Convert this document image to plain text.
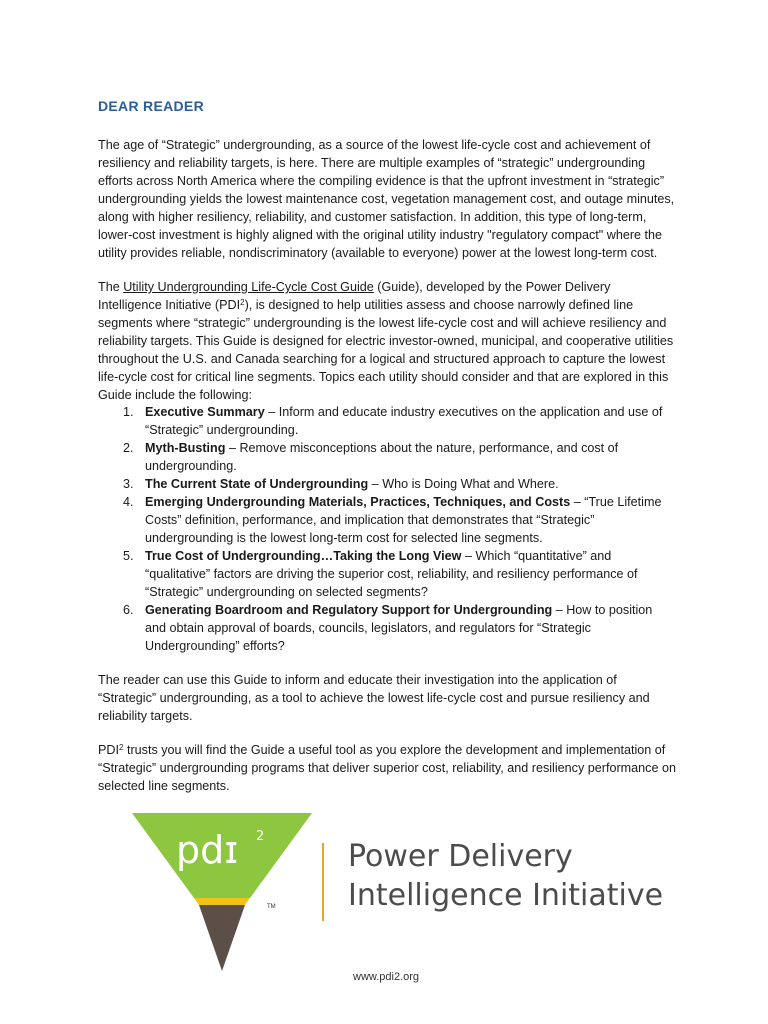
DEAR READER

The age of “Strategic” undergrounding, as a source of the lowest life-cycle cost and achievement of resiliency and reliability targets, is here. There are multiple examples of “strategic” undergrounding efforts across North America where the compiling evidence is that the upfront investment in “strategic” undergrounding yields the lowest maintenance cost, vegetation management cost, and outage minutes, along with higher resiliency, reliability, and customer satisfaction. In addition, this type of long-term, lower-cost investment is highly aligned with the original utility industry "regulatory compact" where the utility provides reliable, nondiscriminatory (available to everyone) power at the lowest long-term cost.

The Utility Undergrounding Life-Cycle Cost Guide (Guide), developed by the Power Delivery Intelligence Initiative (PDI$^2$), is designed to help utilities assess and choose narrowly defined line segments where “strategic” undergrounding is the lowest life-cycle cost and will achieve resiliency and reliability targets. This Guide is designed for electric investor-owned, municipal, and cooperative utilities throughout the U.S. and Canada searching for a logical and structured approach to capture the lowest life-cycle cost for critical line segments. Topics each utility should consider and that are explored in this Guide include the following:

1. Executive Summary – Inform and educate industry executives on the application and use of “Strategic” undergrounding.
2. Myth-Busting – Remove misconceptions about the nature, performance, and cost of undergrounding.
3. The Current State of Undergrounding – Who is Doing What and Where.
4. Emerging Undergrounding Materials, Practices, Techniques, and Costs – “True Lifetime Costs” definition, performance, and implication that demonstrates that “Strategic” undergrounding is the lowest long-term cost for selected line segments.
5. True Cost of Undergrounding…Taking the Long View – Which “quantitative” and “qualitative” factors are driving the superior cost, reliability, and resiliency performance of “Strategic” undergrounding on selected segments?
6. Generating Boardroom and Regulatory Support for Undergrounding – How to position and obtain approval of boards, councils, legislators, and regulators for “Strategic Undergrounding” efforts?

The reader can use this Guide to inform and educate their investigation into the application of “Strategic” undergrounding, as a tool to achieve the lowest life-cycle cost and pursue resiliency and reliability targets.

PDI$^2$ trusts you will find the Guide a useful tool as you explore the development and implementation of “Strategic” undergrounding programs that deliver superior cost, reliability, and resiliency performance on selected line segments.

pdɪ 2
TM
Power Delivery
Intelligence Initiative
www.pdi2.org
